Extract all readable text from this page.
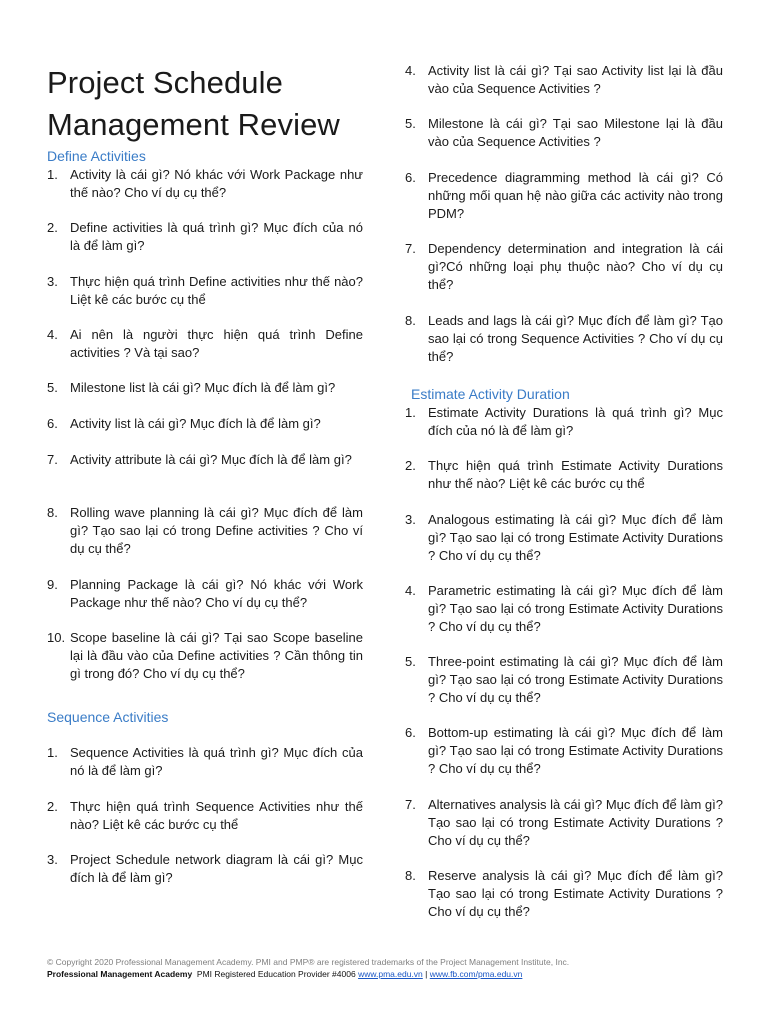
Project Schedule Management Review
Define Activities
1. Activity là cái gì? Nó khác với Work Package như thế nào? Cho ví dụ cụ thể?
2. Define activities là quá trình gì? Mục đích của nó là để làm gì?
3. Thực hiện quá trình Define activities như thế nào? Liệt kê các bước cụ thể
4. Ai nên là người thực hiện quá trình Define activities ? Và tại sao?
5. Milestone list là cái gì? Mục đích là để làm gì?
6. Activity list là cái gì? Mục đích là để làm gì?
7. Activity attribute là cái gì? Mục đích là để làm gì?
8. Rolling wave planning là cái gì? Mục đích để làm gì? Tạo sao lại có trong Define activities ? Cho ví dụ cụ thể?
9. Planning Package là cái gì? Nó khác với Work Package như thế nào? Cho ví dụ cụ thể?
10. Scope baseline là cái gì? Tại sao Scope baseline lại là đầu vào của Define activities ? Cần thông tin gì trong đó? Cho ví dụ cụ thể?
Sequence Activities
1. Sequence Activities là quá trình gì? Mục đích của nó là để làm gì?
2. Thực hiện quá trình Sequence Activities như thế nào? Liệt kê các bước cụ thể
3. Project Schedule network diagram là cái gì? Mục đích là để làm gì?
4. Activity list là cái gì? Tại sao Activity list lại là đầu vào của Sequence Activities ?
5. Milestone là cái gì? Tại sao Milestone lại là đầu vào của Sequence Activities ?
6. Precedence diagramming method là cái gì? Có những mối quan hệ nào giữa các activity nào trong PDM?
7. Dependency determination and integration là cái gì?Có những loại phụ thuộc nào? Cho ví dụ cụ thể?
8. Leads and lags là cái gì? Mục đích để làm gì? Tạo sao lại có trong Sequence Activities ? Cho ví dụ cụ thể?
Estimate Activity Duration
1. Estimate Activity Durations là quá trình gì? Mục đích của nó là để làm gì?
2. Thực hiện quá trình Estimate Activity Durations như thế nào? Liệt kê các bước cụ thể
3. Analogous estimating là cái gì? Mục đích để làm gì? Tạo sao lại có trong Estimate Activity Durations ? Cho ví dụ cụ thể?
4. Parametric estimating là cái gì? Mục đích để làm gì? Tạo sao lại có trong Estimate Activity Durations ? Cho ví dụ cụ thể?
5. Three-point estimating là cái gì? Mục đích để làm gì? Tạo sao lại có trong Estimate Activity Durations ? Cho ví dụ cụ thể?
6. Bottom-up estimating là cái gì? Mục đích để làm gì? Tạo sao lại có trong Estimate Activity Durations ? Cho ví dụ cụ thể?
7. Alternatives analysis là cái gì? Mục đích để làm gì? Tạo sao lại có trong Estimate Activity Durations ? Cho ví dụ cụ thể?
8. Reserve analysis là cái gì? Mục đích để làm gì? Tạo sao lại có trong Estimate Activity Durations ? Cho ví dụ cụ thể?
© Copyright 2020 Professional Management Academy. PMI and PMP® are registered trademarks of the Project Management Institute, Inc.
Professional Management Academy PMI Registered Education Provider #4006 www.pma.edu.vn | www.fb.com/pma.edu.vn
